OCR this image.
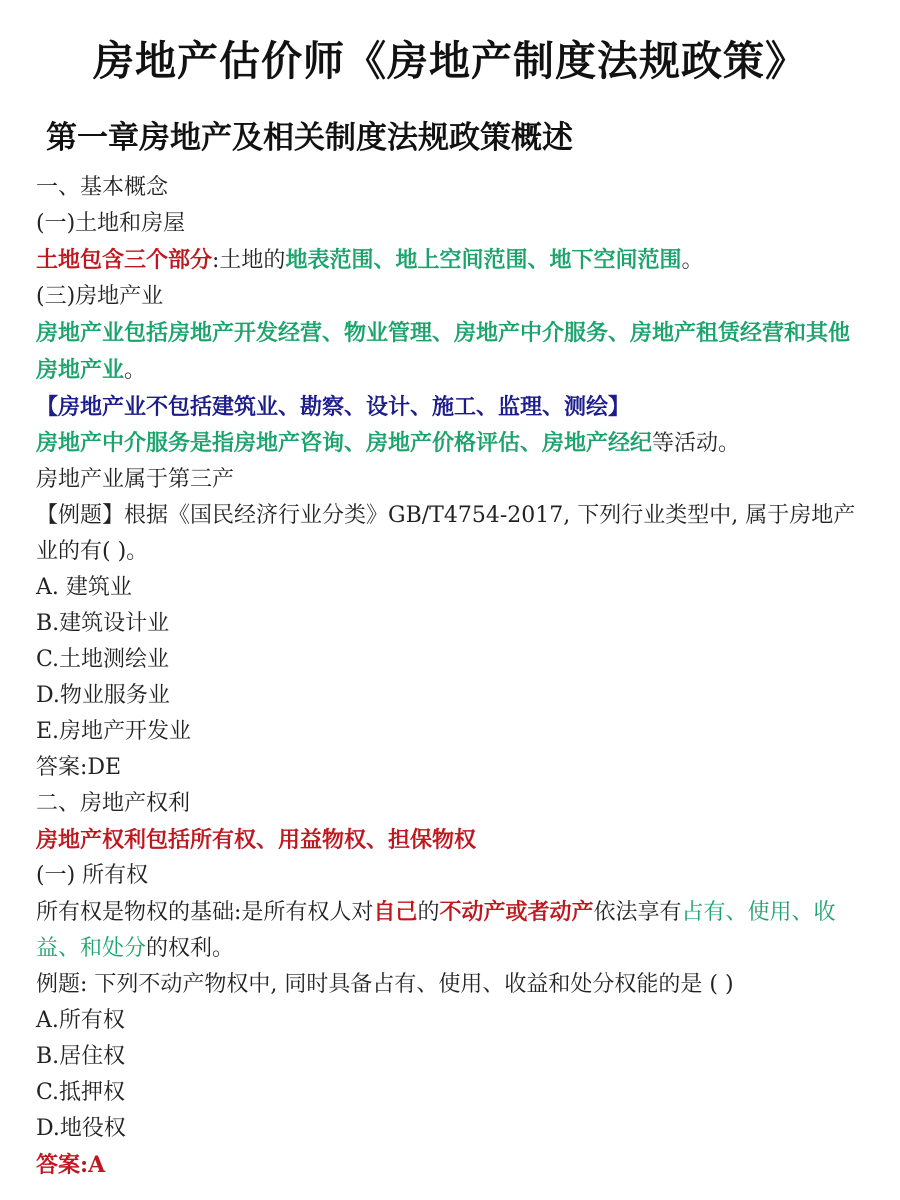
房地产估价师《房地产制度法规政策》
第一章房地产及相关制度法规政策概述

一、基本概念

(一)土地和房屋

土地包含三个部分:土地的地表范围、地上空间范围、地下空间范围。

(三)房地产业

房地产业包括房地产开发经营、物业管理、房地产中介服务、房地产租赁经营和其他房地产业。

【房地产业不包括建筑业、勘察、设计、施工、监理、测绘】

房地产中介服务是指房地产咨询、房地产价格评估、房地产经纪等活动。

房地产业属于第三产

【例题】根据《国民经济行业分类》GB/T4754-2017, 下列行业类型中, 属于房地产业的有( )。

A. 建筑业

B.建筑设计业

C.土地测绘业

D.物业服务业

E.房地产开发业

答案:DE

二、房地产权利

房地产权利包括所有权、用益物权、担保物权

(一) 所有权

所有权是物权的基础:是所有权人对自己的不动产或者动产依法享有占有、使用、收益、和处分的权利。

例题: 下列不动产物权中, 同时具备占有、使用、收益和处分权能的是 ( )

A.所有权

B.居住权

C.抵押权

D.地役权

答案:A
